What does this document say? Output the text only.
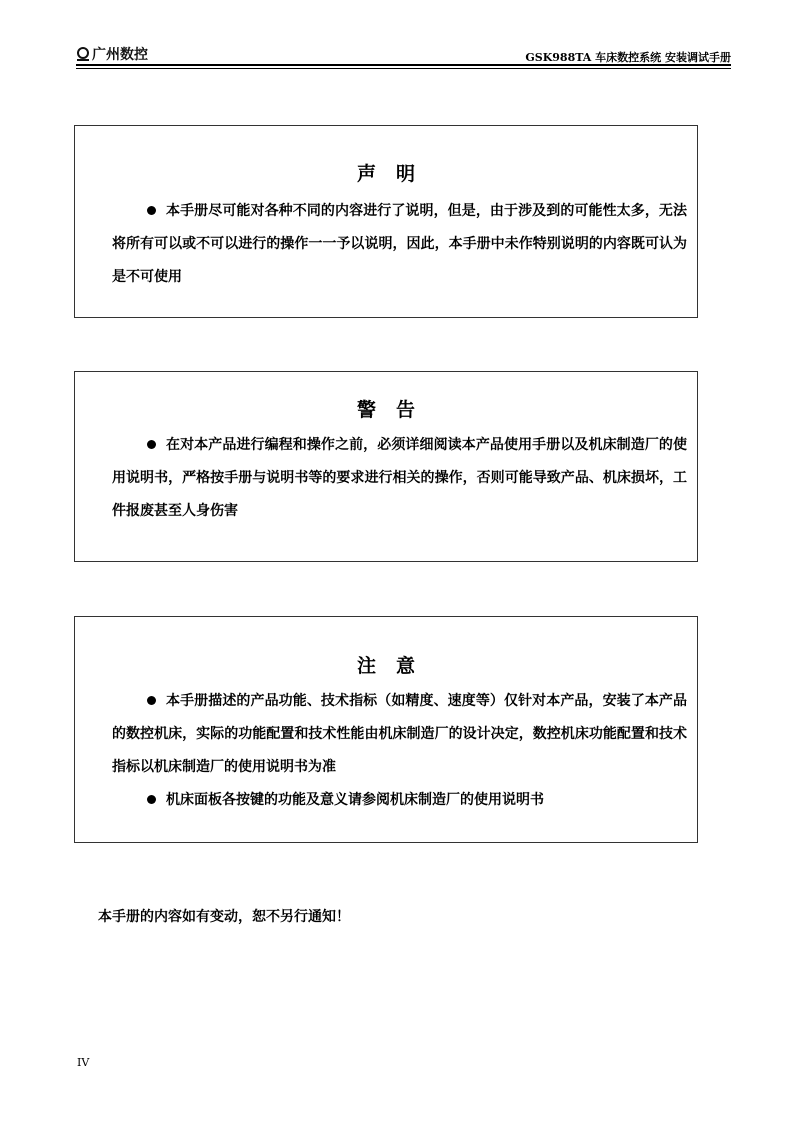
广州数控	GSK988TA 车床数控系统 安装调试手册
声明
本手册尽可能对各种不同的内容进行了说明，但是，由于涉及到的可能性太多，无法将所有可以或不可以进行的操作一一予以说明，因此，本手册中未作特别说明的内容既可认为是不可使用
警告
在对本产品进行编程和操作之前，必须详细阅读本产品使用手册以及机床制造厂的使用说明书，严格按手册与说明书等的要求进行相关的操作，否则可能导致产品、机床损坏，工件报废甚至人身伤害
注意
本手册描述的产品功能、技术指标（如精度、速度等）仅针对本产品，安装了本产品的数控机床，实际的功能配置和技术性能由机床制造厂的设计决定，数控机床功能配置和技术指标以机床制造厂的使用说明书为准
机床面板各按键的功能及意义请参阅机床制造厂的使用说明书
本手册的内容如有变动，恕不另行通知！
IV
